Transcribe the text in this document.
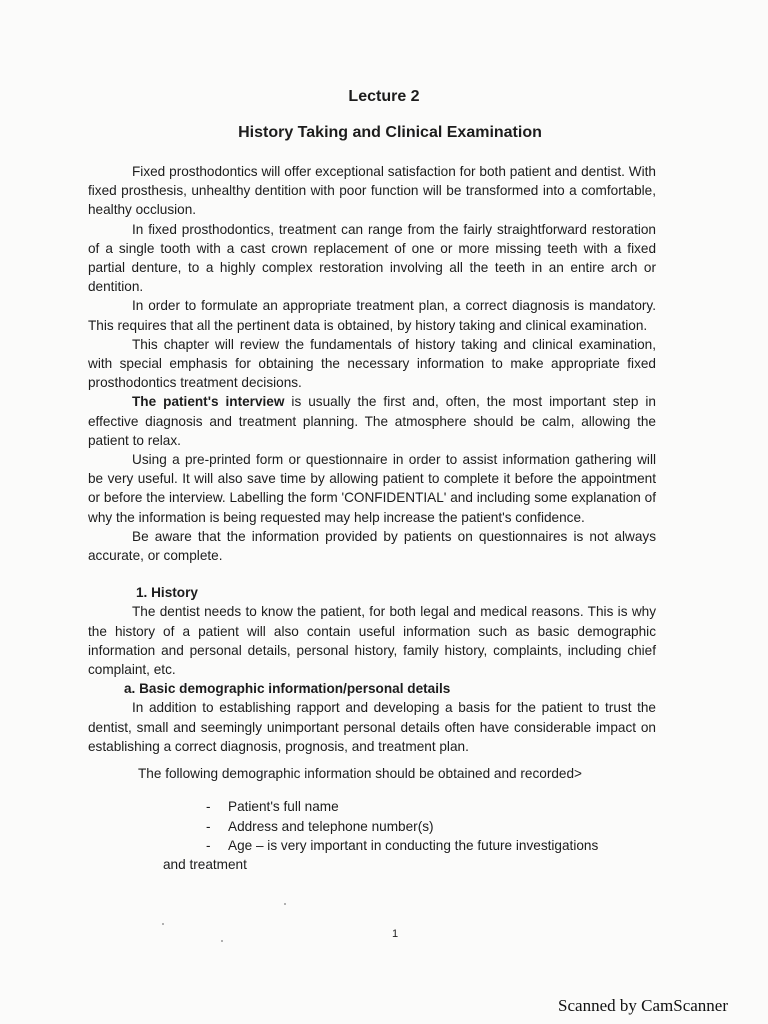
Lecture 2
History Taking and Clinical Examination

Fixed prosthodontics will offer exceptional satisfaction for both patient and dentist. With fixed prosthesis, unhealthy dentition with poor function will be transformed into a comfortable, healthy occlusion.

In fixed prosthodontics, treatment can range from the fairly straightforward restoration of a single tooth with a cast crown replacement of one or more missing teeth with a fixed partial denture, to a highly complex restoration involving all the teeth in an entire arch or dentition.

In order to formulate an appropriate treatment plan, a correct diagnosis is mandatory. This requires that all the pertinent data is obtained, by history taking and clinical examination.

This chapter will review the fundamentals of history taking and clinical examination, with special emphasis for obtaining the necessary information to make appropriate fixed prosthodontics treatment decisions.

The patient's interview is usually the first and, often, the most important step in effective diagnosis and treatment planning. The atmosphere should be calm, allowing the patient to relax.

Using a pre-printed form or questionnaire in order to assist information gathering will be very useful. It will also save time by allowing patient to complete it before the appointment or before the interview. Labelling the form 'CONFIDENTIAL' and including some explanation of why the information is being requested may help increase the patient's confidence.

Be aware that the information provided by patients on questionnaires is not always accurate, or complete.

1. History

The dentist needs to know the patient, for both legal and medical reasons. This is why the history of a patient will also contain useful information such as basic demographic information and personal details, personal history, family history, complaints, including chief complaint, etc.

a. Basic demographic information/personal details

In addition to establishing rapport and developing a basis for the patient to trust the dentist, small and seemingly unimportant personal details often have considerable impact on establishing a correct diagnosis, prognosis, and treatment plan.

The following demographic information should be obtained and recorded>

- Patient's full name
- Address and telephone number(s)
- Age – is very important in conducting the future investigations
and treatment
1
Scanned by CamScanner
